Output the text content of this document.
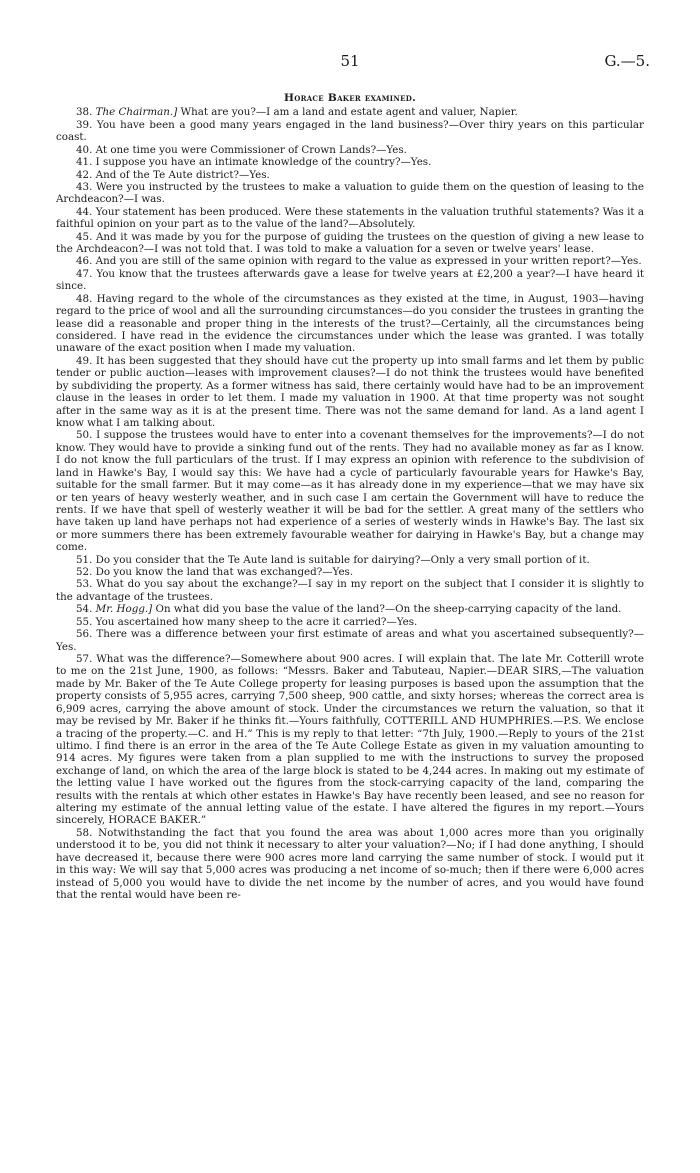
51	G.—5.

Horace Baker examined.

38. The Chairman.] What are you?—I am a land and estate agent and valuer, Napier.

39. You have been a good many years engaged in the land business?—Over thiry years on this particular coast.

40. At one time you were Commissioner of Crown Lands?—Yes.

41. I suppose you have an intimate knowledge of the country?—Yes.

42. And of the Te Aute district?—Yes.

43. Were you instructed by the trustees to make a valuation to guide them on the question of leasing to the Archdeacon?—I was.

44. Your statement has been produced. Were these statements in the valuation truthful statements? Was it a faithful opinion on your part as to the value of the land?—Absolutely.

45. And it was made by you for the purpose of guiding the trustees on the question of giving a new lease to the Archdeacon?—I was not told that. I was told to make a valuation for a seven or twelve years' lease.

46. And you are still of the same opinion with regard to the value as expressed in your written report?—Yes.

47. You know that the trustees afterwards gave a lease for twelve years at £2,200 a year?—I have heard it since.

48. Having regard to the whole of the circumstances as they existed at the time, in August, 1903—having regard to the price of wool and all the surrounding circumstances—do you consider the trustees in granting the lease did a reasonable and proper thing in the interests of the trust?—Certainly, all the circumstances being considered. I have read in the evidence the circumstances under which the lease was granted. I was totally unaware of the exact position when I made my valuation.

49. It has been suggested that they should have cut the property up into small farms and let them by public tender or public auction—leases with improvement clauses?—I do not think the trustees would have benefited by subdividing the property. As a former witness has said, there certainly would have had to be an improvement clause in the leases in order to let them. I made my valuation in 1900. At that time property was not sought after in the same way as it is at the present time. There was not the same demand for land. As a land agent I know what I am talking about.

50. I suppose the trustees would have to enter into a covenant themselves for the improvements?—I do not know. They would have to provide a sinking fund out of the rents. They had no available money as far as I know. I do not know the full particulars of the trust. If I may express an opinion with reference to the subdivision of land in Hawke's Bay, I would say this: We have had a cycle of particularly favourable years for Hawke's Bay, suitable for the small farmer. But it may come—as it has already done in my experience—that we may have six or ten years of heavy westerly weather, and in such case I am certain the Government will have to reduce the rents. If we have that spell of westerly weather it will be bad for the settler. A great many of the settlers who have taken up land have perhaps not had experience of a series of westerly winds in Hawke's Bay. The last six or more summers there has been extremely favourable weather for dairying in Hawke's Bay, but a change may come.

51. Do you consider that the Te Aute land is suitable for dairying?—Only a very small portion of it.

52. Do you know the land that was exchanged?—Yes.

53. What do you say about the exchange?—I say in my report on the subject that I consider it is slightly to the advantage of the trustees.

54. Mr. Hogg.] On what did you base the value of the land?—On the sheep-carrying capacity of the land.

55. You ascertained how many sheep to the acre it carried?—Yes.

56. There was a difference between your first estimate of areas and what you ascertained subsequently?—Yes.

57. What was the difference?—Somewhere about 900 acres. I will explain that. The late Mr. Cotterill wrote to me on the 21st June, 1900, as follows: “Messrs. Baker and Tabuteau, Napier.—DEAR SIRS,—The valuation made by Mr. Baker of the Te Aute College property for leasing purposes is based upon the assumption that the property consists of 5,955 acres, carrying 7,500 sheep, 900 cattle, and sixty horses; whereas the correct area is 6,909 acres, carrying the above amount of stock. Under the circumstances we return the valuation, so that it may be revised by Mr. Baker if he thinks fit.—Yours faithfully, COTTERILL AND HUMPHRIES.—P.S. We enclose a tracing of the property.—C. and H.” This is my reply to that letter: “7th July, 1900.—Reply to yours of the 21st ultimo. I find there is an error in the area of the Te Aute College Estate as given in my valuation amounting to 914 acres. My figures were taken from a plan supplied to me with the instructions to survey the proposed exchange of land, on which the area of the large block is stated to be 4,244 acres. In making out my estimate of the letting value I have worked out the figures from the stock-carrying capacity of the land, comparing the results with the rentals at which other estates in Hawke's Bay have recently been leased, and see no reason for altering my estimate of the annual letting value of the estate. I have altered the figures in my report.—Yours sincerely, HORACE BAKER.”

58. Notwithstanding the fact that you found the area was about 1,000 acres more than you originally understood it to be, you did not think it necessary to alter your valuation?—No; if I had done anything, I should have decreased it, because there were 900 acres more land carrying the same number of stock. I would put it in this way: We will say that 5,000 acres was producing a net income of so-much; then if there were 6,000 acres instead of 5,000 you would have to divide the net income by the number of acres, and you would have found that the rental would have been re-
